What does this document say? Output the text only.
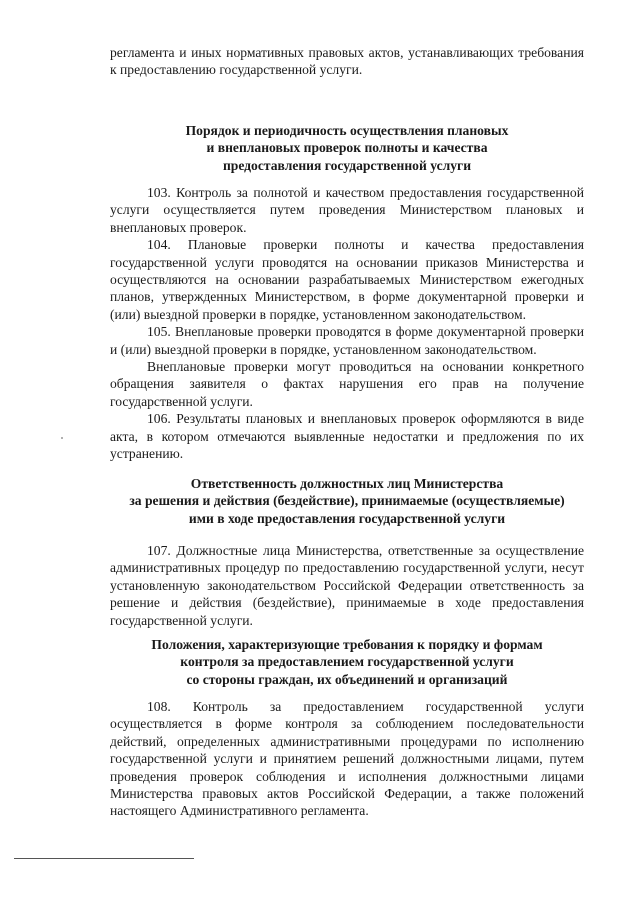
регламента и иных нормативных правовых актов, устанавливающих требования к предоставлению государственной услуги.

Порядок и периодичность осуществления плановых
и внеплановых проверок полноты и качества
предоставления государственной услуги

103. Контроль за полнотой и качеством предоставления государственной услуги осуществляется путем проведения Министерством плановых и внеплановых проверок.

104. Плановые проверки полноты и качества предоставления государственной услуги проводятся на основании приказов Министерства и осуществляются на основании разрабатываемых Министерством ежегодных планов, утвержденных Министерством, в форме документарной проверки и (или) выездной проверки в порядке, установленном законодательством.

105. Внеплановые проверки проводятся в форме документарной проверки и (или) выездной проверки в порядке, установленном законодательством.

Внеплановые проверки могут проводиться на основании конкретного обращения заявителя о фактах нарушения его прав на получение государственной услуги.

106. Результаты плановых и внеплановых проверок оформляются в виде акта, в котором отмечаются выявленные недостатки и предложения по их устранению.

Ответственность должностных лиц Министерства
за решения и действия (бездействие), принимаемые (осуществляемые)
ими в ходе предоставления государственной услуги

107. Должностные лица Министерства, ответственные за осуществление административных процедур по предоставлению государственной услуги, несут установленную законодательством Российской Федерации ответственность за решение и действия (бездействие), принимаемые в ходе предоставления государственной услуги.

Положения, характеризующие требования к порядку и формам
контроля за предоставлением государственной услуги
со стороны граждан, их объединений и организаций

108. Контроль за предоставлением государственной услуги осуществляется в форме контроля за соблюдением последовательности действий, определенных административными процедурами по исполнению государственной услуги и принятием решений должностными лицами, путем проведения проверок соблюдения и исполнения должностными лицами Министерства правовых актов Российской Федерации, а также положений настоящего Административного регламента.
